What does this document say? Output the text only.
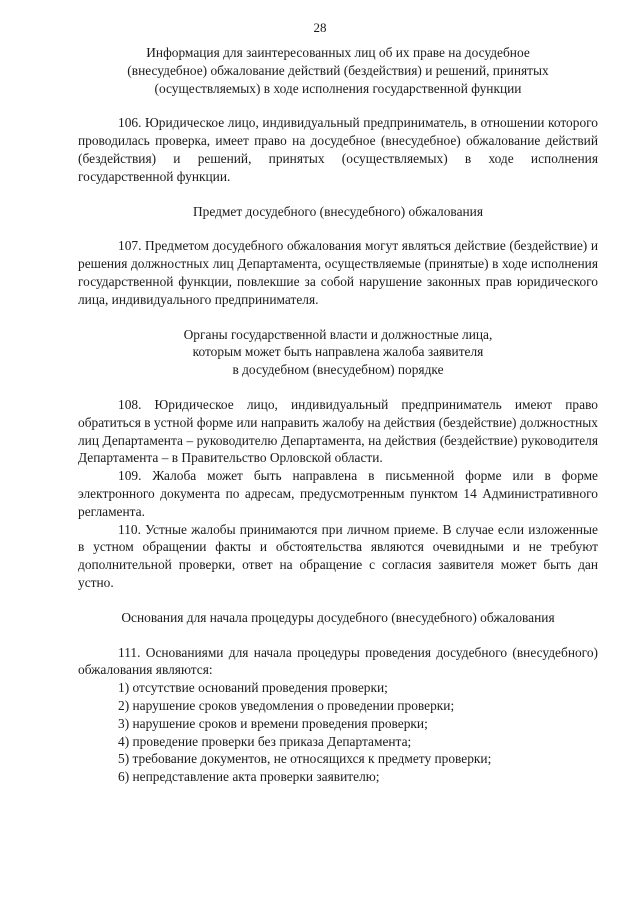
28

Информация для заинтересованных лиц об их праве на досудебное

(внесудебное) обжалование действий (бездействия) и решений, принятых

(осуществляемых) в ходе исполнения государственной функции

106. Юридическое лицо, индивидуальный предприниматель, в отношении которого проводилась проверка, имеет право на досудебное (внесудебное) обжалование действий (бездействия) и решений, принятых (осуществляемых) в ходе исполнения государственной функции.

Предмет досудебного (внесудебного) обжалования

107. Предметом досудебного обжалования могут являться действие (бездействие) и решения должностных лиц Департамента, осуществляемые (принятые) в ходе исполнения государственной функции, повлекшие за собой нарушение законных прав юридического лица, индивидуального предпринимателя.

Органы государственной власти и должностные лица,

которым может быть направлена жалоба заявителя

в досудебном (внесудебном) порядке

108. Юридическое лицо, индивидуальный предприниматель имеют право обратиться в устной форме или направить жалобу на действия (бездействие) должностных лиц Департамента – руководителю Департамента, на действия (бездействие) руководителя Департамента – в Правительство Орловской области.

109. Жалоба может быть направлена в письменной форме или в форме электронного документа по адресам, предусмотренным пунктом 14 Административного регламента.

110. Устные жалобы принимаются при личном приеме. В случае если изложенные в устном обращении факты и обстоятельства являются очевидными и не требуют дополнительной проверки, ответ на обращение с согласия заявителя может быть дан устно.

Основания для начала процедуры досудебного (внесудебного) обжалования

111. Основаниями для начала процедуры проведения досудебного (внесудебного) обжалования являются:

1) отсутствие оснований проведения проверки;

2) нарушение сроков уведомления о проведении проверки;

3) нарушение сроков и времени проведения проверки;

4) проведение проверки без приказа Департамента;

5) требование документов, не относящихся к предмету проверки;

6) непредставление акта проверки заявителю;
